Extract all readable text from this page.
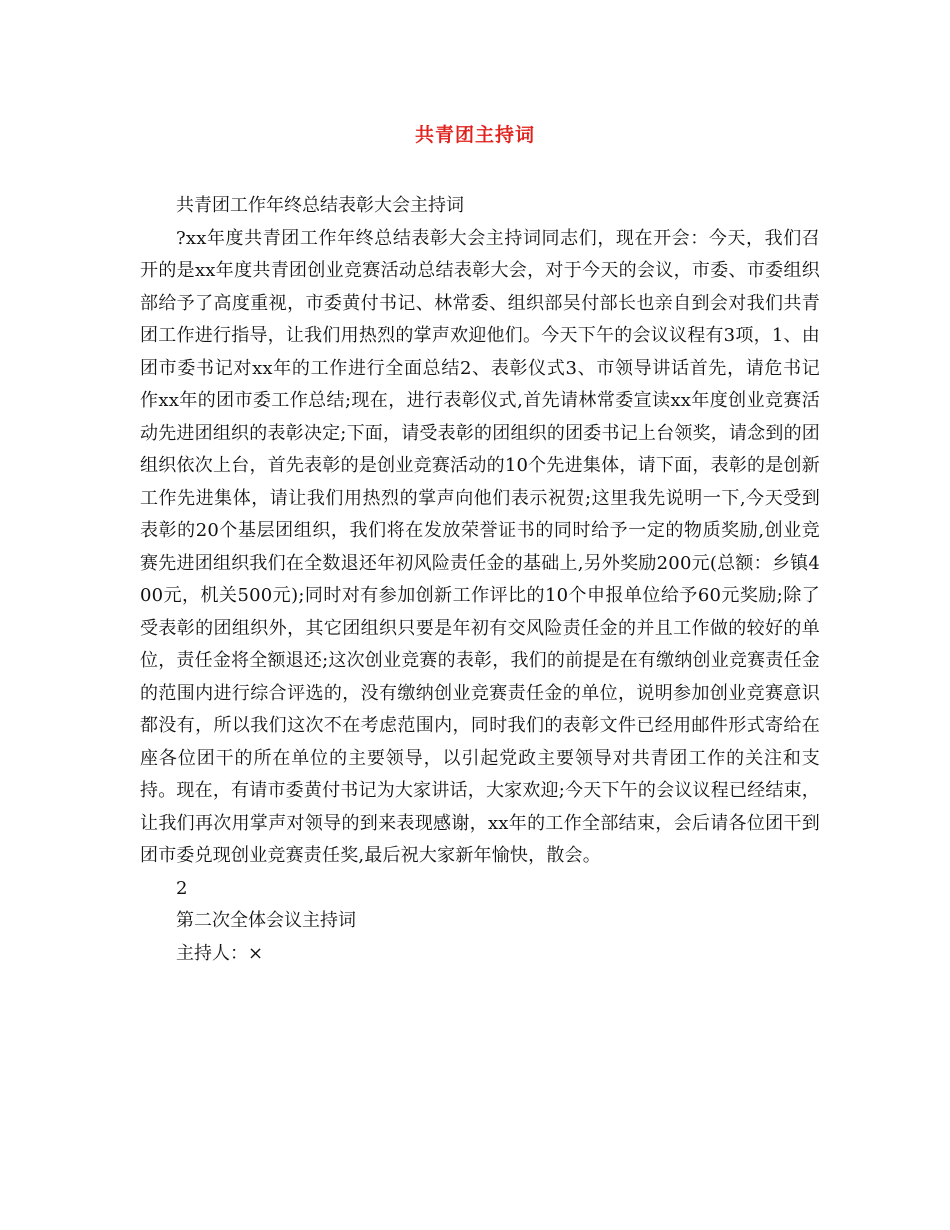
共青团主持词

共青团工作年终总结表彰大会主持词

?xx年度共青团工作年终总结表彰大会主持词同志们，现在开会：今天，我们召开的是xx年度共青团创业竞赛活动总结表彰大会，对于今天的会议，市委、市委组织部给予了高度重视，市委黄付书记、林常委、组织部吴付部长也亲自到会对我们共青团工作进行指导，让我们用热烈的掌声欢迎他们。今天下午的会议议程有3项，1、由团市委书记对xx年的工作进行全面总结2、表彰仪式3、市领导讲话首先，请危书记作xx年的团市委工作总结;现在，进行表彰仪式,首先请林常委宣读xx年度创业竞赛活动先进团组织的表彰决定;下面，请受表彰的团组织的团委书记上台领奖，请念到的团组织依次上台，首先表彰的是创业竞赛活动的10个先进集体，请下面，表彰的是创新工作先进集体，请让我们用热烈的掌声向他们表示祝贺;这里我先说明一下,今天受到表彰的20个基层团组织，我们将在发放荣誉证书的同时给予一定的物质奖励,创业竞赛先进团组织我们在全数退还年初风险责任金的基础上,另外奖励200元(总额：乡镇400元，机关500元);同时对有参加创新工作评比的10个申报单位给予60元奖励;除了受表彰的团组织外，其它团组织只要是年初有交风险责任金的并且工作做的较好的单位，责任金将全额退还;这次创业竞赛的表彰，我们的前提是在有缴纳创业竞赛责任金的范围内进行综合评选的，没有缴纳创业竞赛责任金的单位，说明参加创业竞赛意识都没有，所以我们这次不在考虑范围内，同时我们的表彰文件已经用邮件形式寄给在座各位团干的所在单位的主要领导，以引起党政主要领导对共青团工作的关注和支持。现在，有请市委黄付书记为大家讲话，大家欢迎;今天下午的会议议程已经结束，让我们再次用掌声对领导的到来表现感谢，xx年的工作全部结束，会后请各位团干到团市委兑现创业竞赛责任奖,最后祝大家新年愉快，散会。

2

第二次全体会议主持词

主持人：×
